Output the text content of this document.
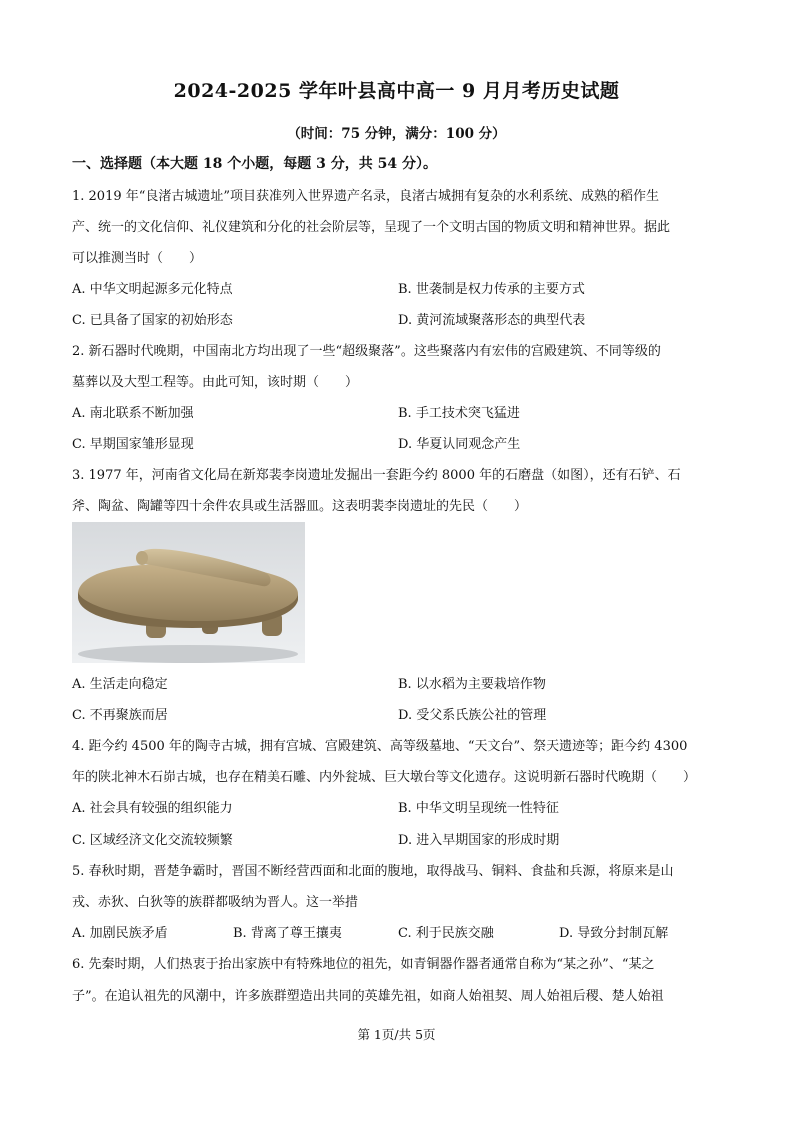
2024-2025 学年叶县高中高一 9 月月考历史试题
（时间：75 分钟，满分：100 分）
一、选择题（本大题 18 个小题，每题 3 分，共 54 分）。
1. 2019 年“良渚古城遗址”项目获准列入世界遗产名录，良渚古城拥有复杂的水利系统、成熟的稻作生
产、统一的文化信仰、礼仪建筑和分化的社会阶层等，呈现了一个文明古国的物质文明和精神世界。据此
可以推测当时（　　）
A. 中华文明起源多元化特点	B. 世袭制是权力传承的主要方式
C. 已具备了国家的初始形态	D. 黄河流域聚落形态的典型代表
2. 新石器时代晚期，中国南北方均出现了一些“超级聚落”。这些聚落内有宏伟的宫殿建筑、不同等级的
墓葬以及大型工程等。由此可知，该时期（　　）
A. 南北联系不断加强	B. 手工技术突飞猛进
C. 早期国家雏形显现	D. 华夏认同观念产生
3. 1977 年，河南省文化局在新郑裴李岗遗址发掘出一套距今约 8000 年的石磨盘（如图），还有石铲、石
斧、陶盆、陶罐等四十余件农具或生活器皿。这表明裴李岗遗址的先民（　　）
A. 生活走向稳定	B. 以水稻为主要栽培作物
C. 不再聚族而居	D. 受父系氏族公社的管理
4. 距今约 4500 年的陶寺古城，拥有宫城、宫殿建筑、高等级墓地、“天文台”、祭天遗迹等；距今约 4300
年的陕北神木石峁古城，也存在精美石雕、内外瓮城、巨大墩台等文化遗存。这说明新石器时代晚期（　　）
A. 社会具有较强的组织能力	B. 中华文明呈现统一性特征
C. 区域经济文化交流较频繁	D. 进入早期国家的形成时期
5. 春秋时期，晋楚争霸时，晋国不断经营西面和北面的腹地，取得战马、铜料、食盐和兵源，将原来是山
戎、赤狄、白狄等的族群都吸纳为晋人。这一举措
A. 加剧民族矛盾	B. 背离了尊王攘夷	C. 利于民族交融	D. 导致分封制瓦解
6. 先秦时期，人们热衷于抬出家族中有特殊地位的祖先，如青铜器作器者通常自称为“某之孙”、“某之
子”。在追认祖先的风潮中，许多族群塑造出共同的英雄先祖，如商人始祖契、周人始祖后稷、楚人始祖
第 1页/共 5页
